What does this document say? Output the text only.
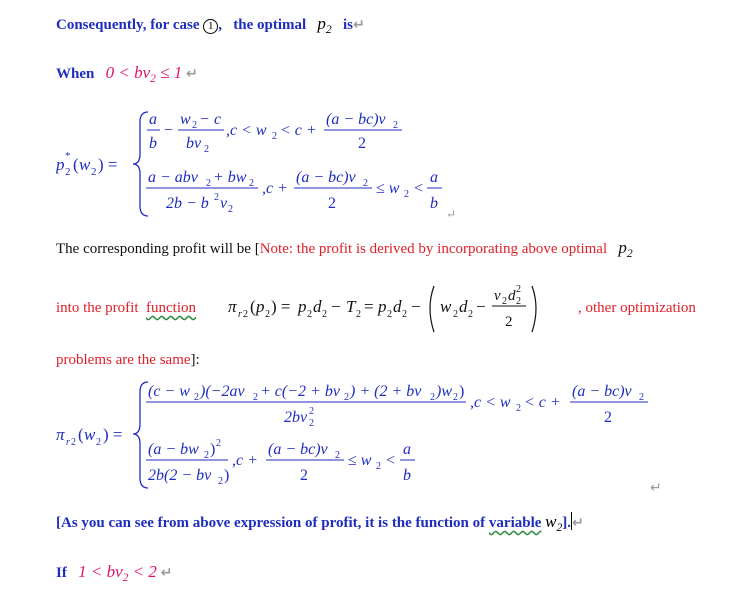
Consequently, for case 1 ,   the optimal $p_2$ is↵
When $0 < bv_2 \le 1$ ↵
p 2
* ( w 2 ) =
a
b
−
w 2 − c
bv 2
,c < w 2 < c +
(a − bc)v 2
2
a − abv 2 + bw 2
2b − b 2 v 2
,c +
(a − bc)v 2
2
≤ w 2 <
a
b
↵
The corresponding profit will be [Note: the profit is derived by incorporating above optimal $p_2$
into the profit function π r 2 ( p 2 ) = p 2 d 2 − T 2 = p 2 d 2 − w 2 d 2 −
v 2 d 2
2
2
, other optimization
problems are the same]:
π r 2 ( w 2 ) =
(c − w 2 )(−2av 2 + c(−2 + bv 2 ) + (2 + bv 2 )w 2 )
2bv 2
2
,c < w 2 < c +
(a − bc)v 2
2
(a − bw 2 ) 2
2b(2 − bv 2 )
,c +
(a − bc)v 2
2
≤ w 2 <
a
b
↵
[As you can see from above expression of profit, it is the function of variable $w_2].↵$
If $1 < bv_2 < 2$ ↵
